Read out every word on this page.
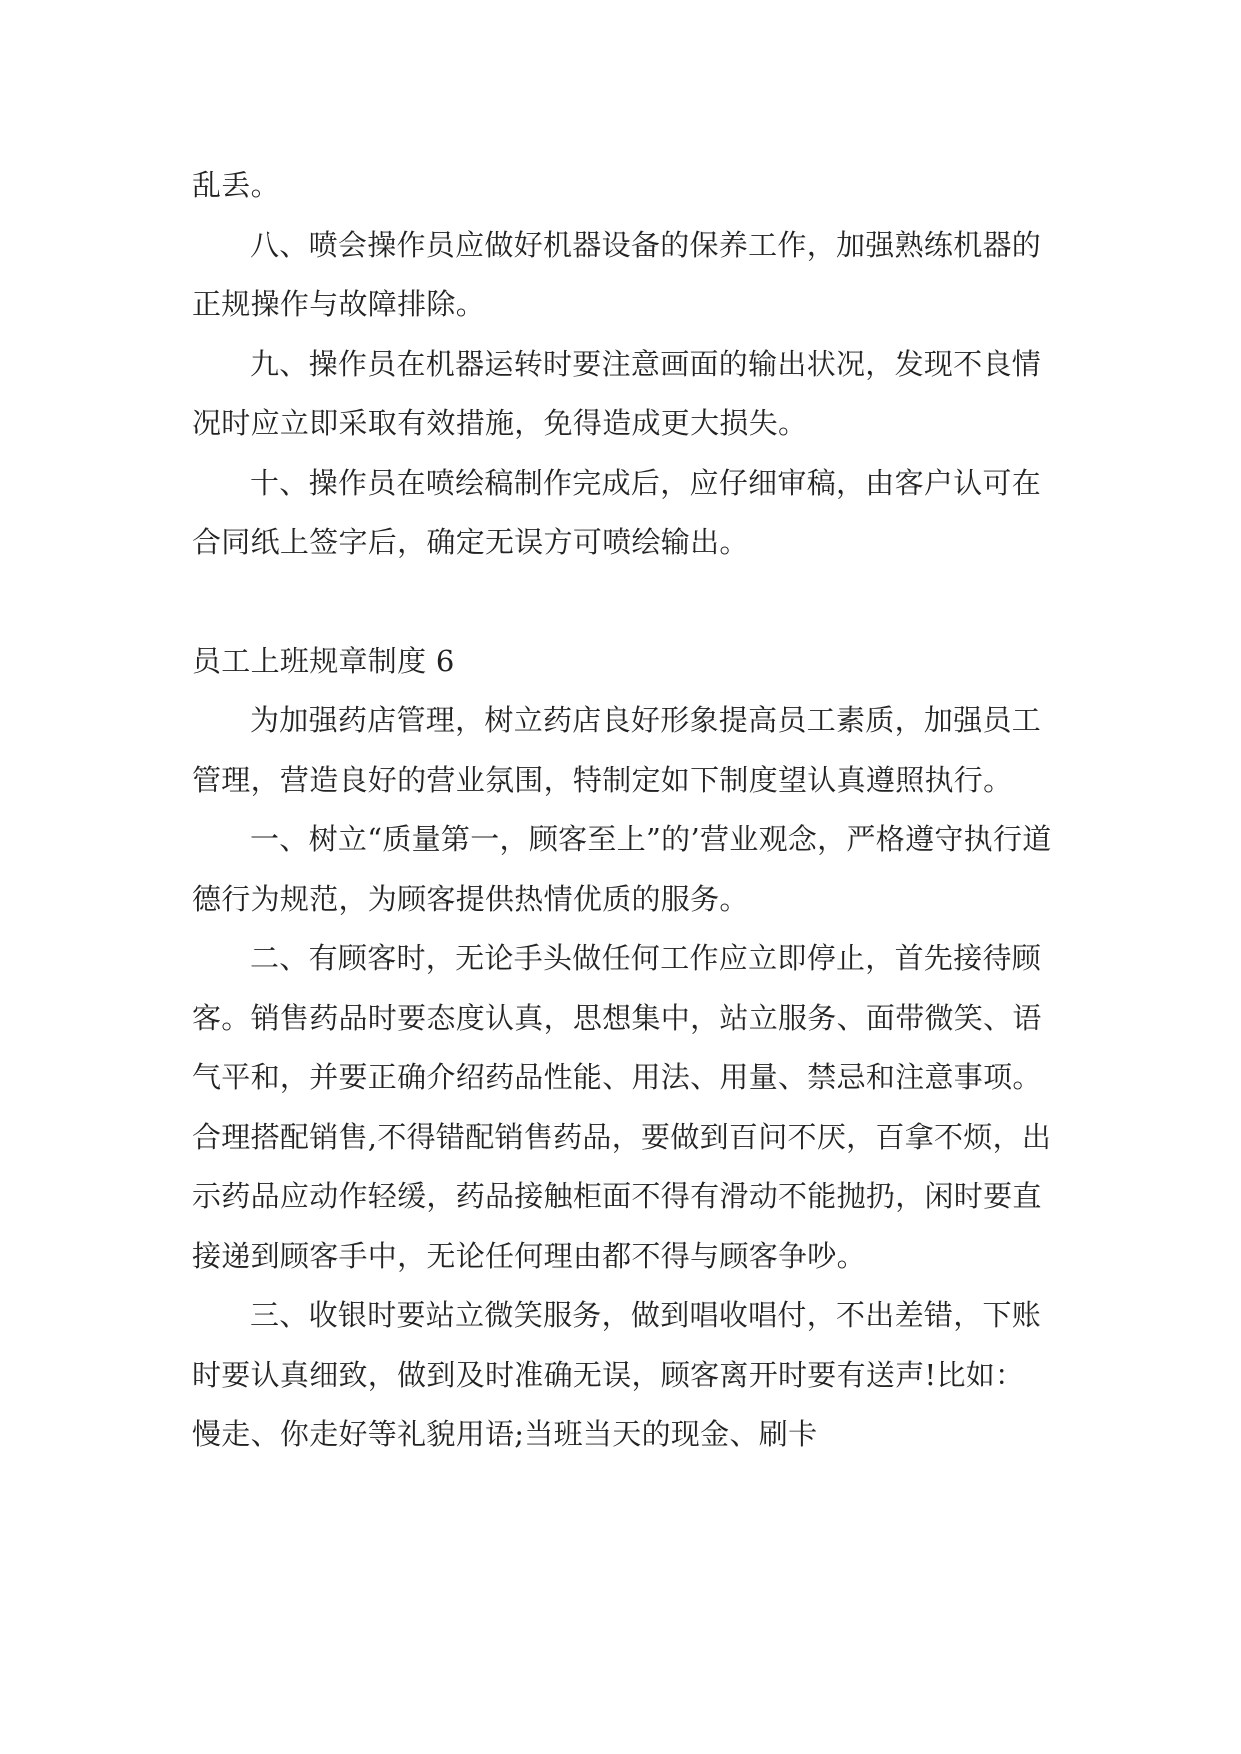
乱丢。

八、喷会操作员应做好机器设备的保养工作，加强熟练机器的正规操作与故障排除。

九、操作员在机器运转时要注意画面的输出状况，发现不良情况时应立即采取有效措施，免得造成更大损失。

十、操作员在喷绘稿制作完成后，应仔细审稿，由客户认可在合同纸上签字后，确定无误方可喷绘输出。

员工上班规章制度 6

为加强药店管理，树立药店良好形象提高员工素质，加强员工管理，营造良好的营业氛围，特制定如下制度望认真遵照执行。

一、树立“质量第一，顾客至上”的’营业观念，严格遵守执行道德行为规范，为顾客提供热情优质的服务。

二、有顾客时，无论手头做任何工作应立即停止，首先接待顾客。销售药品时要态度认真，思想集中，站立服务、面带微笑、语气平和，并要正确介绍药品性能、用法、用量、禁忌和注意事项。合理搭配销售,不得错配销售药品，要做到百问不厌，百拿不烦，出示药品应动作轻缓，药品接触柜面不得有滑动不能抛扔，闲时要直接递到顾客手中，无论任何理由都不得与顾客争吵。

三、收银时要站立微笑服务，做到唱收唱付，不出差错，下账时要认真细致，做到及时准确无误，顾客离开时要有送声!比如：慢走、你走好等礼貌用语;当班当天的现金、刷卡
